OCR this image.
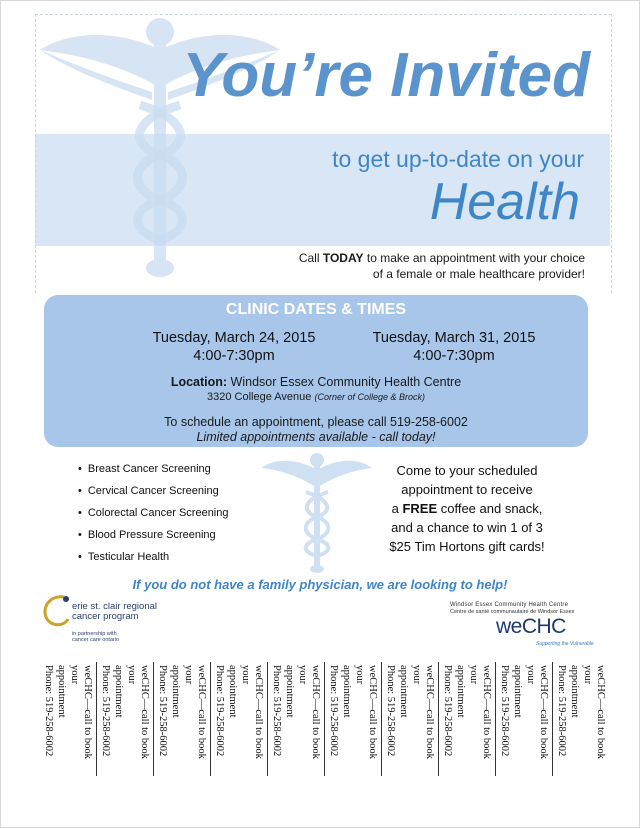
You’re Invited
to get up-to-date on your
Health
Call TODAY to make an appointment with your choice
of a female or male healthcare provider!
CLINIC DATES & TIMES
Tuesday, March 24, 2015
4:00-7:30pm
Tuesday, March 31, 2015
4:00-7:30pm
Location: Windsor Essex Community Health Centre
3320 College Avenue (Corner of College & Brock)
To schedule an appointment, please call 519-258-6002
Limited appointments available - call today!
• Breast Cancer Screening
• Cervical Cancer Screening
• Colorectal Cancer Screening
• Blood Pressure Screening
• Testicular Health
Come to your scheduled
appointment to receive
a FREE coffee and snack,
and a chance to win 1 of 3
$25 Tim Hortons gift cards!
If you do not have a family physician, we are looking to help!
erie st. clair regional
cancer program
in partnership with
cancer care ontario
Windsor Essex Community Health Centre
Centre de santé communautaire de Windsor Essex
weCHC
Supporting the Vulnerable
weCHC—call to book your
appointment
Phone: 519-258-6002	weCHC—call to book your
appointment
Phone: 519-258-6002	weCHC—call to book your
appointment
Phone: 519-258-6002	weCHC—call to book your
appointment
Phone: 519-258-6002	weCHC—call to book your
appointment
Phone: 519-258-6002	weCHC—call to book your
appointment
Phone: 519-258-6002	weCHC—call to book your
appointment
Phone: 519-258-6002	weCHC—call to book your
appointment
Phone: 519-258-6002	weCHC—call to book your
appointment
Phone: 519-258-6002	weCHC—call to book your
appointment
Phone: 519-258-6002
